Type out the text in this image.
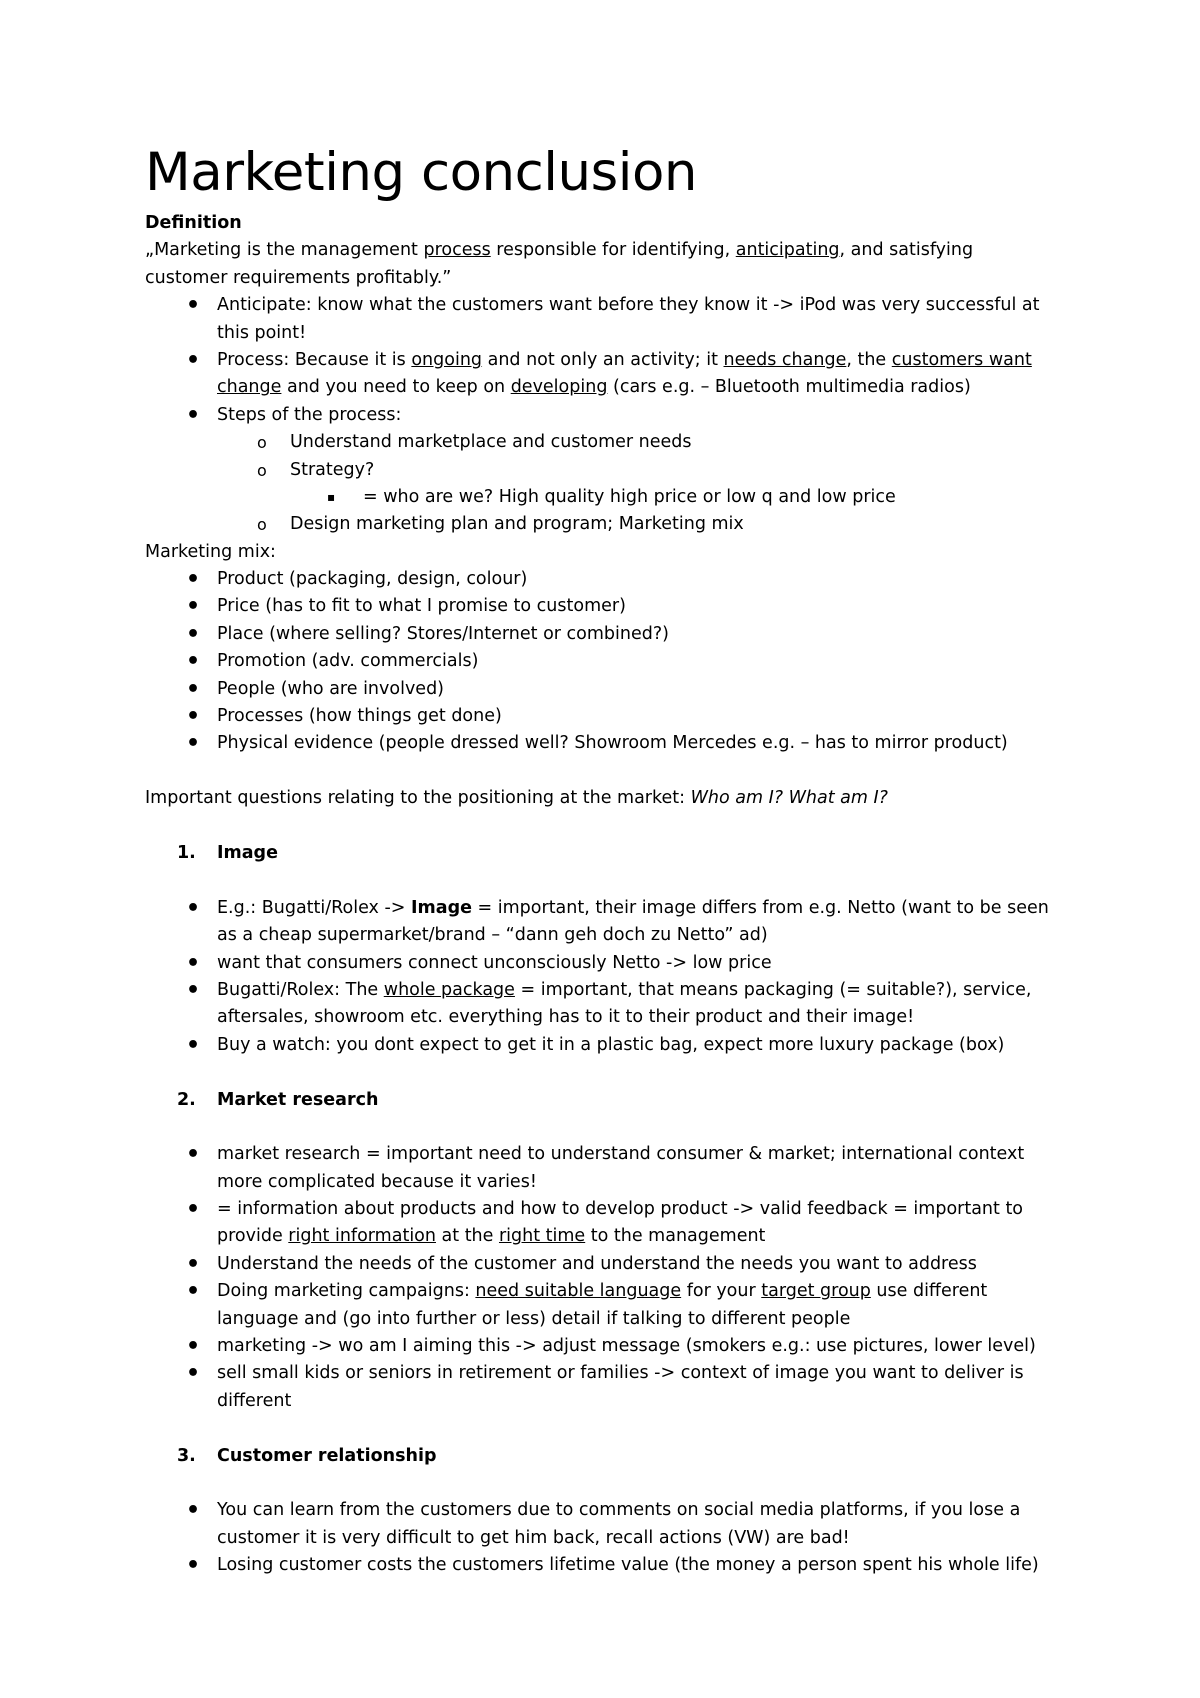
Marketing conclusion
Definition
„Marketing is the management process responsible for identifying, anticipating, and satisfying
customer requirements profitably.”
• Anticipate: know what the customers want before they know it -> iPod was very successful at
this point!
• Process: Because it is ongoing and not only an activity; it needs change, the customers want
change and you need to keep on developing (cars e.g. – Bluetooth multimedia radios)
• Steps of the process:
o Understand marketplace and customer needs
o Strategy?
▪ = who are we? High quality high price or low q and low price
o Design marketing plan and program; Marketing mix
Marketing mix:
• Product (packaging, design, colour)
• Price (has to fit to what I promise to customer)
• Place (where selling? Stores/Internet or combined?)
• Promotion (adv. commercials)
• People (who are involved)
• Processes (how things get done)
• Physical evidence (people dressed well? Showroom Mercedes e.g. – has to mirror product)
Important questions relating to the positioning at the market: Who am I? What am I?
1. Image
• E.g.: Bugatti/Rolex -> Image = important, their image differs from e.g. Netto (want to be seen
as a cheap supermarket/brand – “dann geh doch zu Netto” ad)
• want that consumers connect unconsciously Netto -> low price
• Bugatti/Rolex: The whole package = important, that means packaging (= suitable?), service,
aftersales, showroom etc. everything has to it to their product and their image!
• Buy a watch: you dont expect to get it in a plastic bag, expect more luxury package (box)
2. Market research
• market research = important need to understand consumer & market; international context
more complicated because it varies!
• = information about products and how to develop product -> valid feedback = important to
provide right information at the right time to the management
• Understand the needs of the customer and understand the needs you want to address
• Doing marketing campaigns: need suitable language for your target group use different
language and (go into further or less) detail if talking to different people
• marketing -> wo am I aiming this -> adjust message (smokers e.g.: use pictures, lower level)
• sell small kids or seniors in retirement or families -> context of image you want to deliver is
different
3. Customer relationship
• You can learn from the customers due to comments on social media platforms, if you lose a
customer it is very difficult to get him back, recall actions (VW) are bad!
• Losing customer costs the customers lifetime value (the money a person spent his whole life)
